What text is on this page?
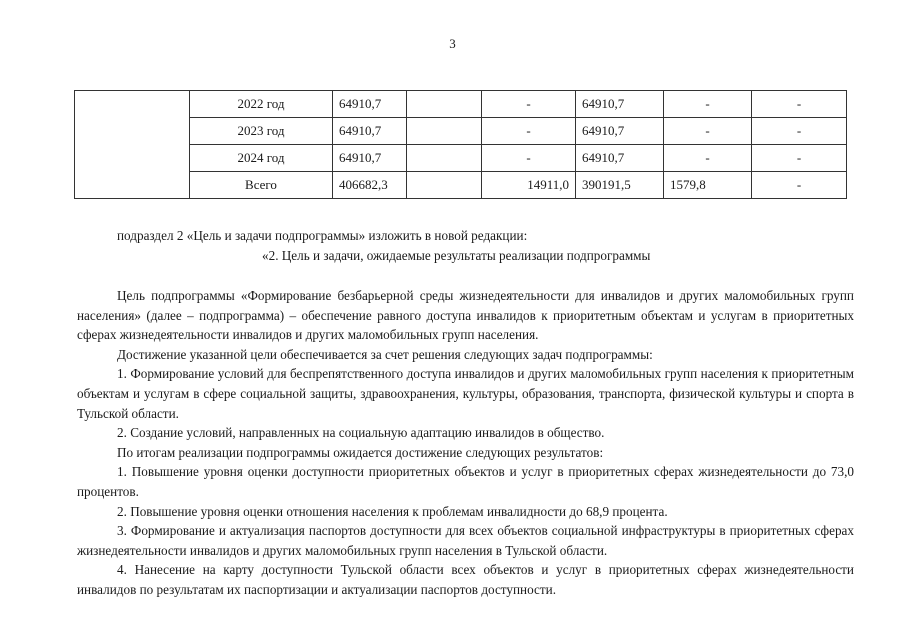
3
	2022 год	64910,7		-	64910,7	-	-
	2023 год	64910,7		-	64910,7	-	-
	2024 год	64910,7		-	64910,7	-	-
	Всего	406682,3		14911,0	390191,5	1579,8	-
подраздел 2 «Цель и задачи подпрограммы» изложить в новой редакции:
«2. Цель и задачи, ожидаемые результаты реализации подпрограммы

Цель подпрограммы «Формирование безбарьерной среды жизнедеятельности для инвалидов и других маломобильных групп населения» (далее – подпрограмма) – обеспечение равного доступа инвалидов к приоритетным объектам и услугам в приоритетных сферах жизнедеятельности инвалидов и других маломобильных групп населения.

Достижение указанной цели обеспечивается за счет решения следующих задач подпрограммы:

1. Формирование условий для беспрепятственного доступа инвалидов и других маломобильных групп населения к приоритетным объектам и услугам в сфере социальной защиты, здравоохранения, культуры, образования, транспорта, физической культуры и спорта в Тульской области.

2. Создание условий, направленных на социальную адаптацию инвалидов в общество.

По итогам реализации подпрограммы ожидается достижение следующих результатов:

1. Повышение уровня оценки доступности приоритетных объектов и услуг в приоритетных сферах жизнедеятельности до 73,0 процентов.

2. Повышение уровня оценки отношения населения к проблемам инвалидности до 68,9 процента.

3. Формирование и актуализация паспортов доступности для всех объектов социальной инфраструктуры в приоритетных сферах жизнедеятельности инвалидов и других маломобильных групп населения в Тульской области.

4. Нанесение на карту доступности Тульской области всех объектов и услуг в приоритетных сферах жизнедеятельности инвалидов по результатам их паспортизации и актуализации паспортов доступности.
